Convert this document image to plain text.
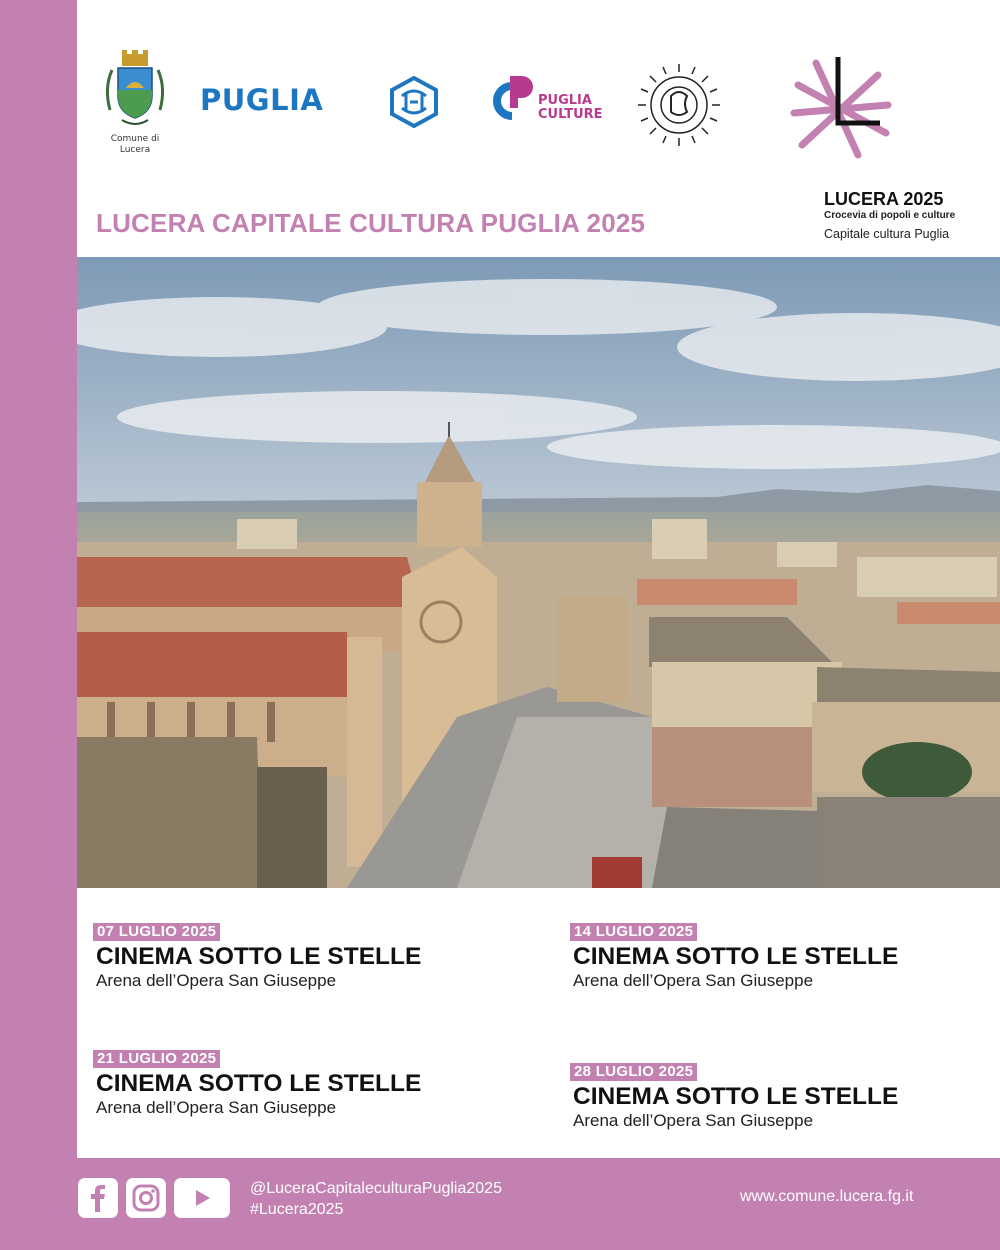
Comune di
Lucera
PUGLIA	PUGLIA
CULTURE
LUCERA 2025
Crocevia di popoli e culture
Capitale cultura Puglia
LUCERA CAPITALE CULTURA PUGLIA 2025
07 LUGLIO 2025
CINEMA SOTTO LE STELLE
Arena dell’Opera San Giuseppe
14 LUGLIO 2025
CINEMA SOTTO LE STELLE
Arena dell’Opera San Giuseppe
21 LUGLIO 2025
CINEMA SOTTO LE STELLE
Arena dell’Opera San Giuseppe
28 LUGLIO 2025
CINEMA SOTTO LE STELLE
Arena dell’Opera San Giuseppe
@LuceraCapitaleculturaPuglia2025
#Lucera2025
www.comune.lucera.fg.it
